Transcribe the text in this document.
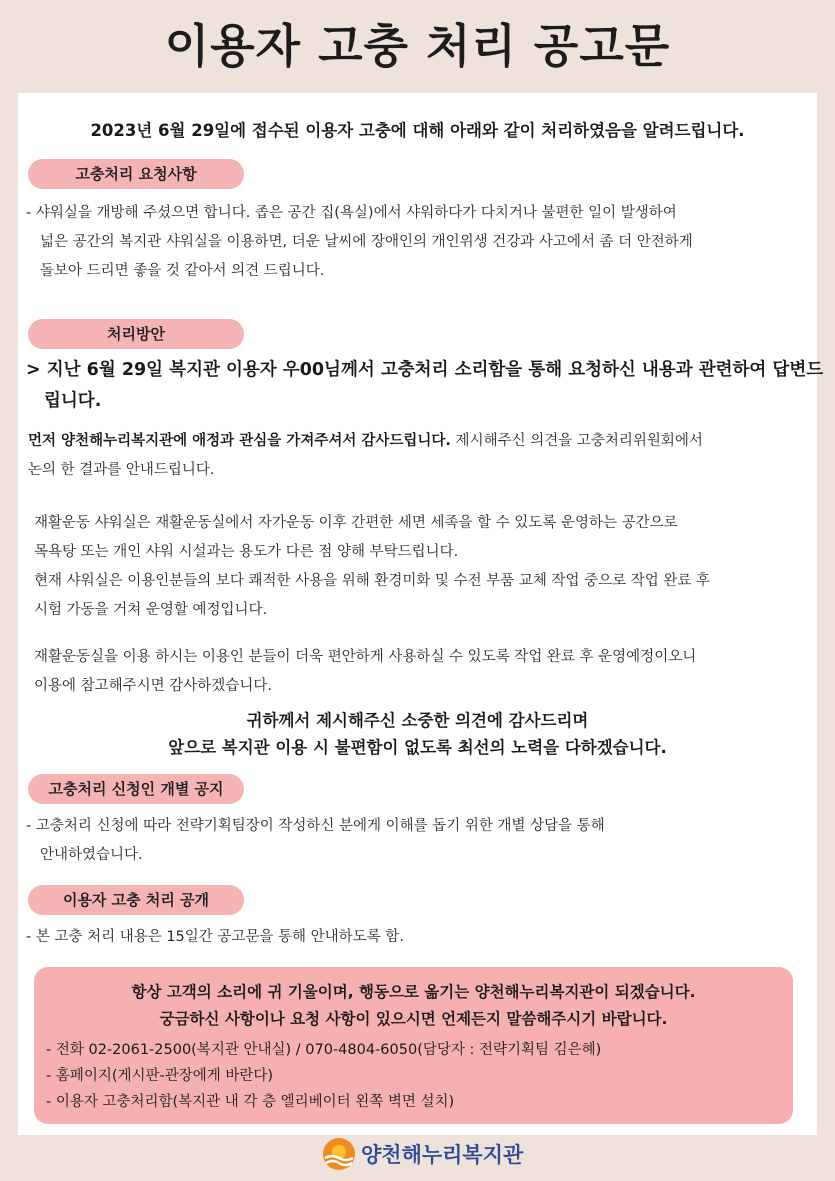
이용자 고충 처리 공고문
2023년 6월 29일에 접수된 이용자 고충에 대해 아래와 같이 처리하였음을 알려드립니다.
고충처리 요청사항

- 샤워실을 개방해 주셨으면 합니다. 좁은 공간 집(욕실)에서 샤워하다가 다치거나 불편한 일이 발생하여

넓은 공간의 복지관 샤워실을 이용하면, 더운 날씨에 장애인의 개인위생 건강과 사고에서 좀 더 안전하게

돌보아 드리면 좋을 것 같아서 의견 드립니다.

처리방안
> 지난 6월 29일 복지관 이용자 우00님께서 고충처리 소리함을 통해 요청하신 내용과 관련하여 답변드립니다.

먼저 양천해누리복지관에 애정과 관심을 가져주셔서 감사드립니다. 제시해주신 의견을 고충처리위원회에서

논의 한 결과를 안내드립니다.

재활운동 샤워실은 재활운동실에서 자가운동 이후 간편한 세면 세족을 할 수 있도록 운영하는 공간으로

목욕탕 또는 개인 샤워 시설과는 용도가 다른 점 양해 부탁드립니다.

현재 샤워실은 이용인분들의 보다 쾌적한 사용을 위해 환경미화 및 수전 부품 교체 작업 중으로 작업 완료 후

시험 가동을 거쳐 운영할 예정입니다.

재활운동실을 이용 하시는 이용인 분들이 더욱 편안하게 사용하실 수 있도록 작업 완료 후 운영예정이오니

이용에 참고해주시면 감사하겠습니다.

귀하께서 제시해주신 소중한 의견에 감사드리며
앞으로 복지관 이용 시 불편함이 없도록 최선의 노력을 다하겠습니다.
고충처리 신청인 개별 공지

- 고충처리 신청에 따라 전략기획팀장이 작성하신 분에게 이해를 돕기 위한 개별 상담을 통해

안내하였습니다.

이용자 고충 처리 공개

- 본 고충 처리 내용은 15일간 공고문을 통해 안내하도록 함.

항상 고객의 소리에 귀 기울이며, 행동으로 옮기는 양천해누리복지관이 되겠습니다.
궁금하신 사항이나 요청 사항이 있으시면 언제든지 말씀해주시기 바랍니다.

- 전화 02-2061-2500(복지관 안내실) / 070-4804-6050(담당자 : 전략기획팀 김은혜)

- 홈페이지(게시판-관장에게 바란다)

- 이용자 고충처리함(복지관 내 각 층 엘리베이터 왼쪽 벽면 설치)

양천해누리복지관
